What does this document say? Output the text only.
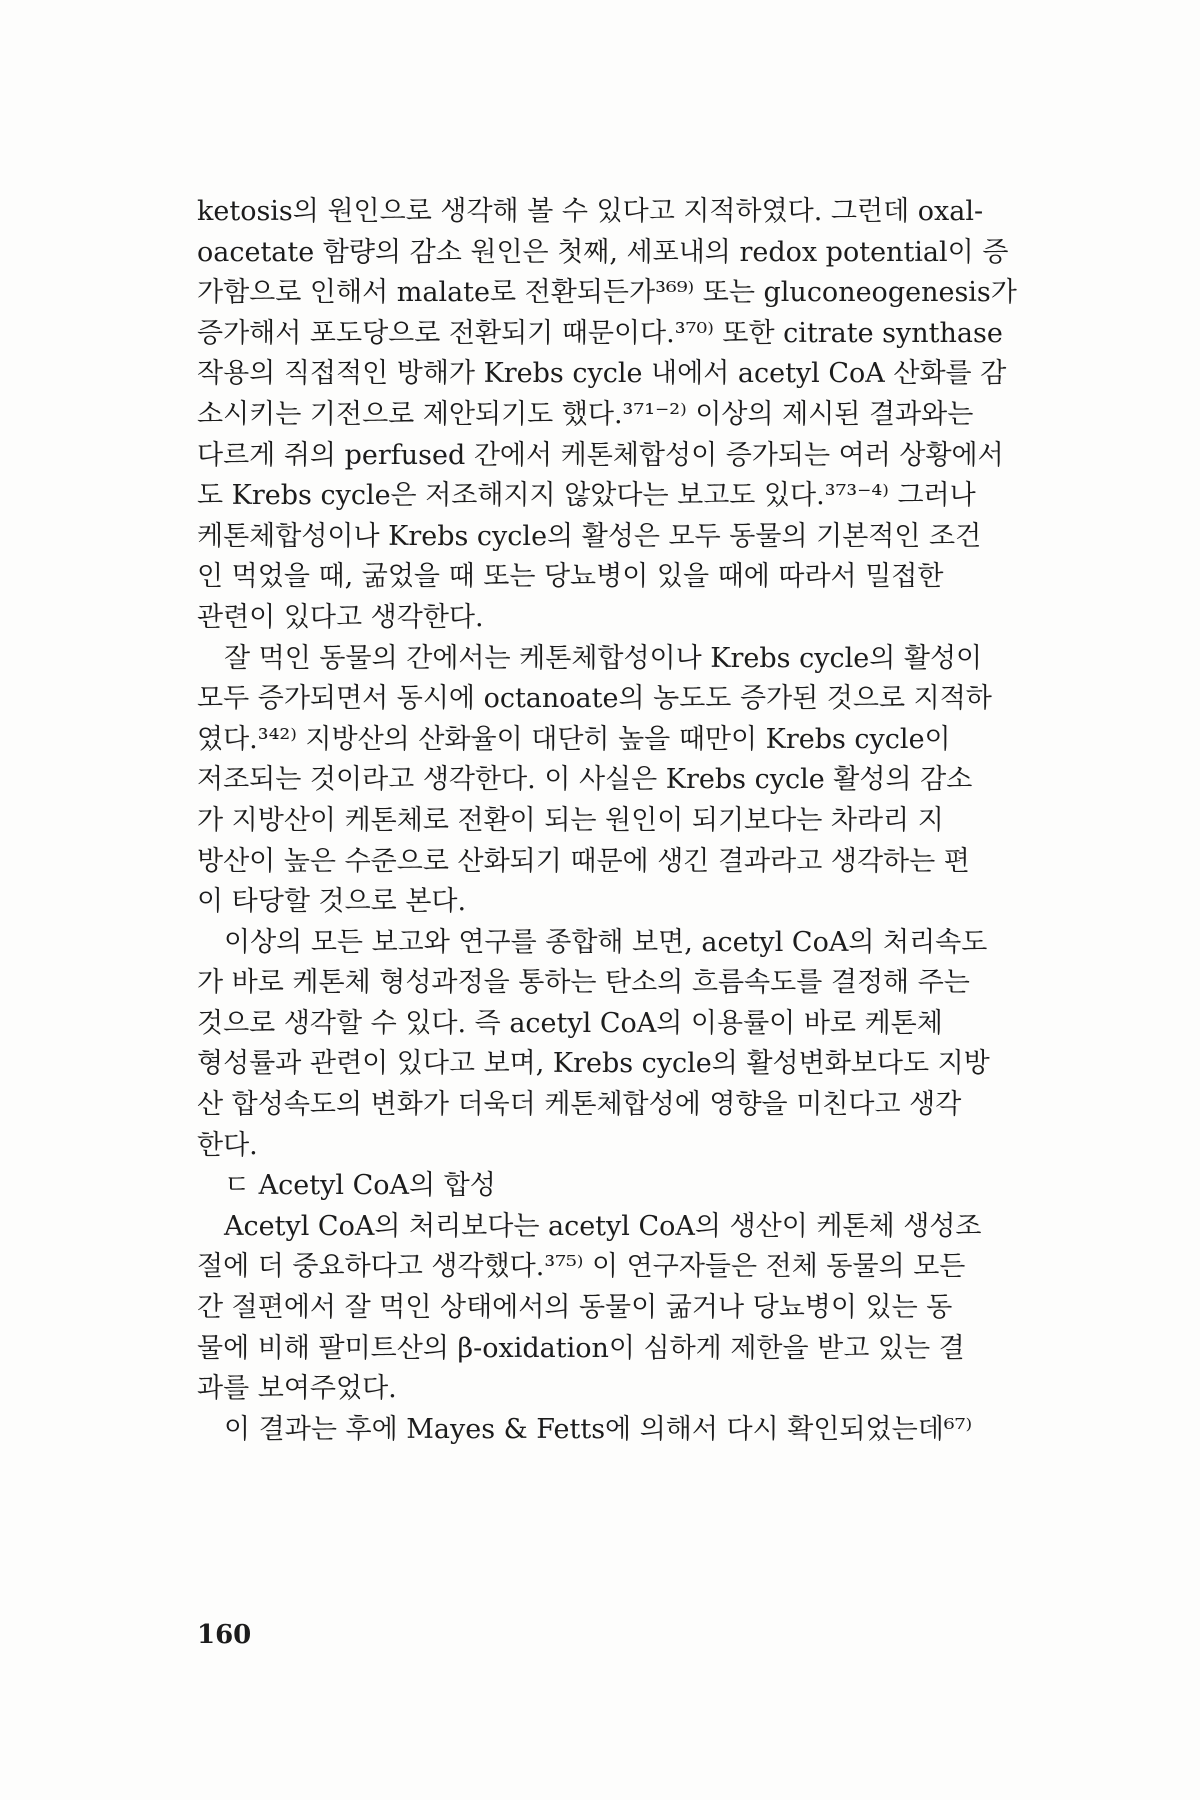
ketosis의 원인으로 생각해 볼 수 있다고 지적하였다. 그런데 oxal-
oacetate 함량의 감소 원인은 첫째, 세포내의 redox potential이 증
가함으로 인해서 malate로 전환되든가³⁶⁹⁾ 또는 gluconeogenesis가
증가해서 포도당으로 전환되기 때문이다.³⁷⁰⁾ 또한 citrate synthase
작용의 직접적인 방해가 Krebs cycle 내에서 acetyl CoA 산화를 감
소시키는 기전으로 제안되기도 했다.³⁷¹⁻²⁾ 이상의 제시된 결과와는
다르게 쥐의 perfused 간에서 케톤체합성이 증가되는 여러 상황에서
도 Krebs cycle은 저조해지지 않았다는 보고도 있다.³⁷³⁻⁴⁾ 그러나
케톤체합성이나 Krebs cycle의 활성은 모두 동물의 기본적인 조건
인 먹었을 때, 굶었을 때 또는 당뇨병이 있을 때에 따라서 밀접한
관련이 있다고 생각한다.
잘 먹인 동물의 간에서는 케톤체합성이나 Krebs cycle의 활성이
모두 증가되면서 동시에 octanoate의 농도도 증가된 것으로 지적하
였다.³⁴²⁾ 지방산의 산화율이 대단히 높을 때만이 Krebs cycle이
저조되는 것이라고 생각한다. 이 사실은 Krebs cycle 활성의 감소
가 지방산이 케톤체로 전환이 되는 원인이 되기보다는 차라리 지
방산이 높은 수준으로 산화되기 때문에 생긴 결과라고 생각하는 편
이 타당할 것으로 본다.
이상의 모든 보고와 연구를 종합해 보면, acetyl CoA의 처리속도
가 바로 케톤체 형성과정을 통하는 탄소의 흐름속도를 결정해 주는
것으로 생각할 수 있다. 즉 acetyl CoA의 이용률이 바로 케톤체
형성률과 관련이 있다고 보며, Krebs cycle의 활성변화보다도 지방
산 합성속도의 변화가 더욱더 케톤체합성에 영향을 미친다고 생각
한다.
ㄷ Acetyl CoA의 합성
Acetyl CoA의 처리보다는 acetyl CoA의 생산이 케톤체 생성조
절에 더 중요하다고 생각했다.³⁷⁵⁾ 이 연구자들은 전체 동물의 모든
간 절편에서 잘 먹인 상태에서의 동물이 굶거나 당뇨병이 있는 동
물에 비해 팔미트산의 β-oxidation이 심하게 제한을 받고 있는 결
과를 보여주었다.
이 결과는 후에 Mayes & Fetts에 의해서 다시 확인되었는데⁶⁷⁾
160
